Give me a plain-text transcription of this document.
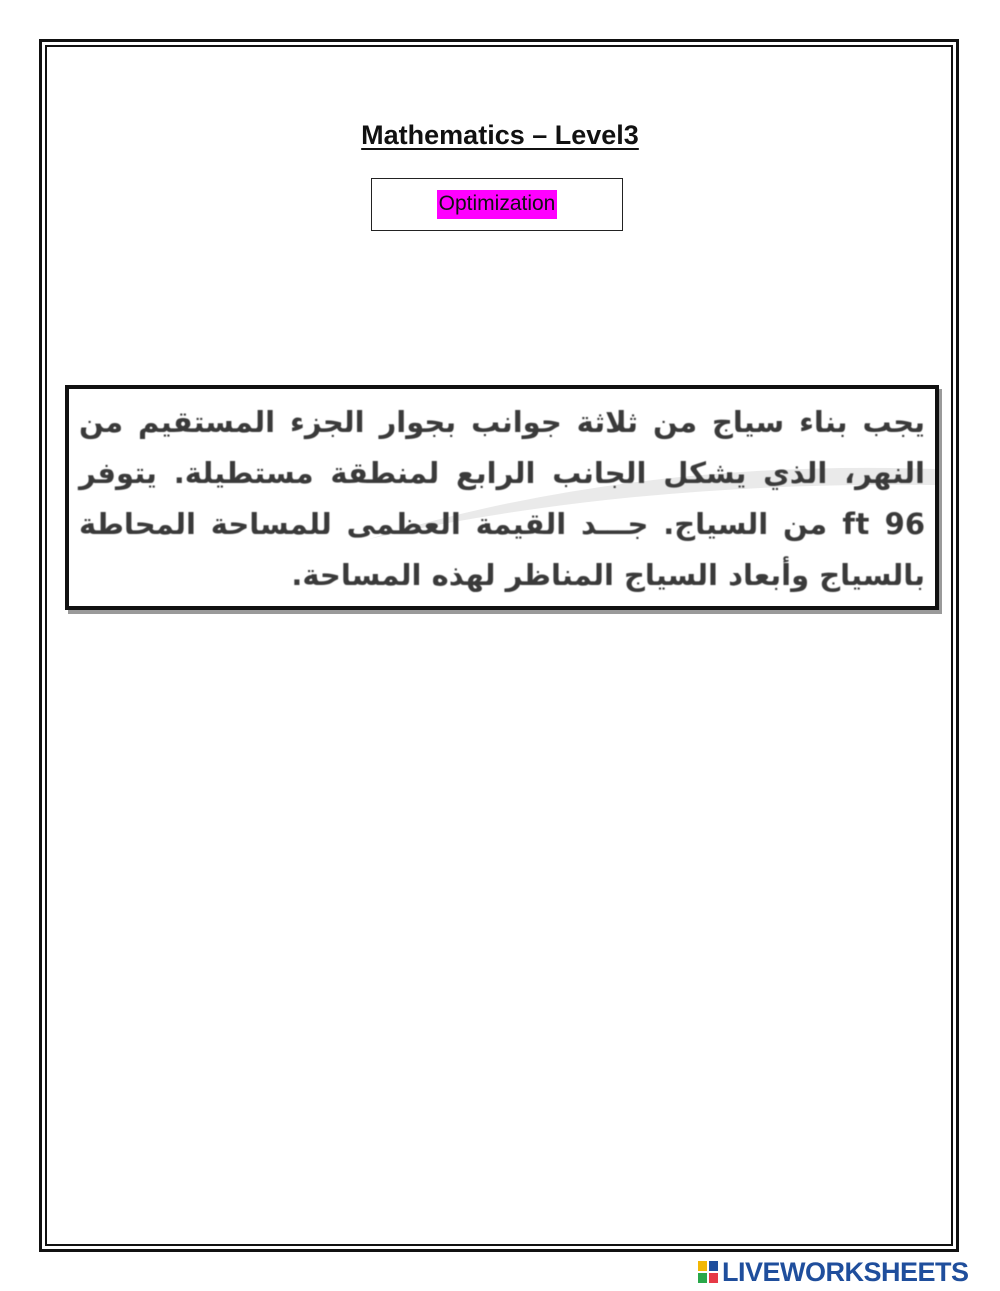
Mathematics – Level3
Optimization
يجب بناء سياج من ثلاثة جوانب بجوار الجزء المستقيم من النهر، الذي يشكل الجانب الرابع لمنطقة مستطيلة. يتوفر 96 ft من السياج. جـــد القيمة العظمى للمساحة المحاطة بالسياج وأبعاد السياج المناظر لهذه المساحة.
LIVEWORKSHEETS
